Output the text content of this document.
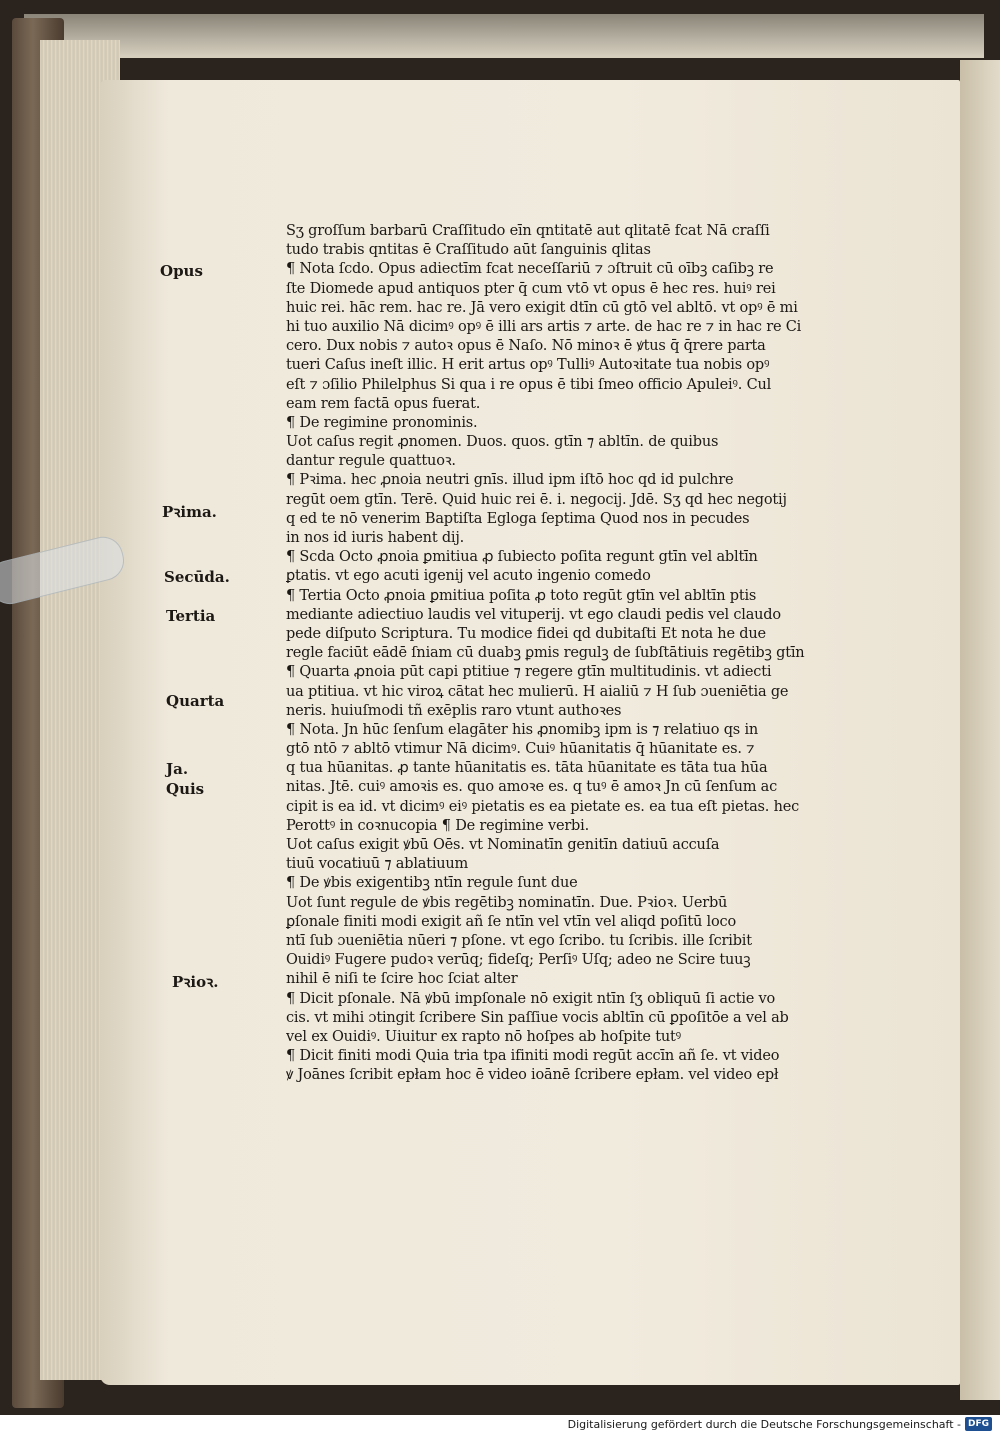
Sʒ groſſum barbarū Craſſitudo eīn qntitatē aut qlitatē fcat Nā craſſi
tudo trabis qntitas ē Craſſitudo aūt ſanguinis qlitas
¶ Nota ſcdo. Opus adiectīm fcat neceſſariū ⁊ ɔſtruit cū oībꝫ caſibꝫ re
ſte Diomede apud antiquos pter q̄ cum vtō vt opus ē hec res. huiꝰ rei
huic rei. hāc rem. hac re. Jā vero exigit dtīn cū gtō vel abltō. vt opꝰ ē mi
hi tuo auxilio Nā dicimꝰ opꝰ ē illi ars artis ⁊ arte. de hac re ⁊ in hac re Ci
cero. Dux nobis ⁊ autoꝛ opus ē Naſo. Nō minoꝛ ē ꝟtus q̄ q̄rere parta
tueri Caſus ineſt illic. H erit artus opꝰ Tulliꝰ Autoꝛitate tua nobis opꝰ
eſt ⁊ ɔſilio Philelphus Si qua i re opus ē tibi ſmeo officio Apuleiꝰ. Cul
eam rem factā opus fuerat.
¶ De regimine pronominis.
Uot caſus regit ꝓnomen. Duos. quos. gtīn ⁊ abltīn. de quibus
dantur regule quattuoꝛ.
¶ Pꝛima. hec ꝓnoia neutri gnīs. illud ipm iſtō hoc qd id pulchre
regūt oem gtīn. Terē. Quid huic rei ē. i. negocij. Jdē. Sʒ qd hec negotij
q ed te nō venerim Baptiſta Egloga ſeptima Quod nos in pecudes
in nos id iuris habent dij.
¶ Scda Octo ꝓnoia ꝑmitiua ꝓ ſubiecto poſita regunt gtīn vel abltīn
ꝑtatis. vt ego acuti igenij vel acuto ingenio comedo
¶ Tertia Octo ꝓnoia ꝑmitiua poſita ꝓ toto regūt gtīn vel abltīn ptis
mediante adiectiuo laudis vel vituperij. vt ego claudi pedis vel claudo
pede diſputo Scriptura. Tu modice fidei qd dubitaſti Et nota he due
regle faciūt eādē ſniam cū duabꝫ ꝑmis regulꝫ de ſubſtātiuis regētibꝫ gtīn
¶ Quarta ꝓnoia pūt capi ptitiue ⁊ regere gtīn multitudinis. vt adiecti
ua ptitiua. vt hic viroꝝ cātat hec mulierū. H aialiū ⁊ H ſub ɔueniētia ge
neris. huiuſmodi tñ exēplis raro vtunt authoꝛes
¶ Nota. Jn hūc ſenſum elagāter his ꝓnomibꝫ ipm is ⁊ relatiuo qs in
gtō ntō ⁊ abltō vtimur Nā dicimꝰ. Cuiꝰ hūanitatis q̄ hūanitate es. ⁊
q tua hūanitas. ꝓ tante hūanitatis es. tāta hūanitate es tāta tua hūa
nitas. Jtē. cuiꝰ amoꝛis es. quo amoꝛe es. q tuꝰ ē amoꝛ Jn cū ſenſum ac
cipit is ea id. vt dicimꝰ eiꝰ pietatis es ea pietate es. ea tua eſt pietas. hec
Perottꝰ in coꝛnucopia ¶ De regimine verbi.
Uot caſus exigit ꝟbū Oēs. vt Nominatīn genitīn datiuū accuſa
tiuū vocatiuū ⁊ ablatiuum
¶ De ꝟbis exigentibꝫ ntīn regule ſunt due
Uot ſunt regule de ꝟbis regētibꝫ nominatīn. Due. Pꝛioꝛ. Uerbū
ꝑſonale finiti modi exigit añ ſe ntīn vel vtīn vel aliqd poſitū loco
ntī ſub ɔueniētia nūeri ⁊ pſone. vt ego ſcribo. tu ſcribis. ille ſcribit
Ouidiꝰ Fugere pudoꝛ verūq; fideſq; Perſiꝰ Uſq; adeo ne Scire tuuꝫ
nihil ē niſi te ſcire hoc ſciat alter
¶ Dicit pſonale. Nā ꝟbū impſonale nō exigit ntīn ſʒ obliquū ſi actie vo
cis. vt mihi ɔtingit ſcribere Sin paſſiue vocis abltīn cū ꝑpoſitōe a vel ab
vel ex Ouidiꝰ. Uiuitur ex rapto nō hoſpes ab hoſpite tutꝰ
¶ Dicit finiti modi Quia tria tpa ifiniti modi regūt accīn añ ſe. vt video
ꝟ Joānes ſcribit epłam hoc ē video ioānē ſcribere epłam. vel video epł
Opus
Pꝛima.
Secūda.
Tertia
Quarta
Ja.
Quis
Pꝛioꝛ.
Digitalisierung gefördert durch die Deutsche Forschungsgemeinschaft - DFG
